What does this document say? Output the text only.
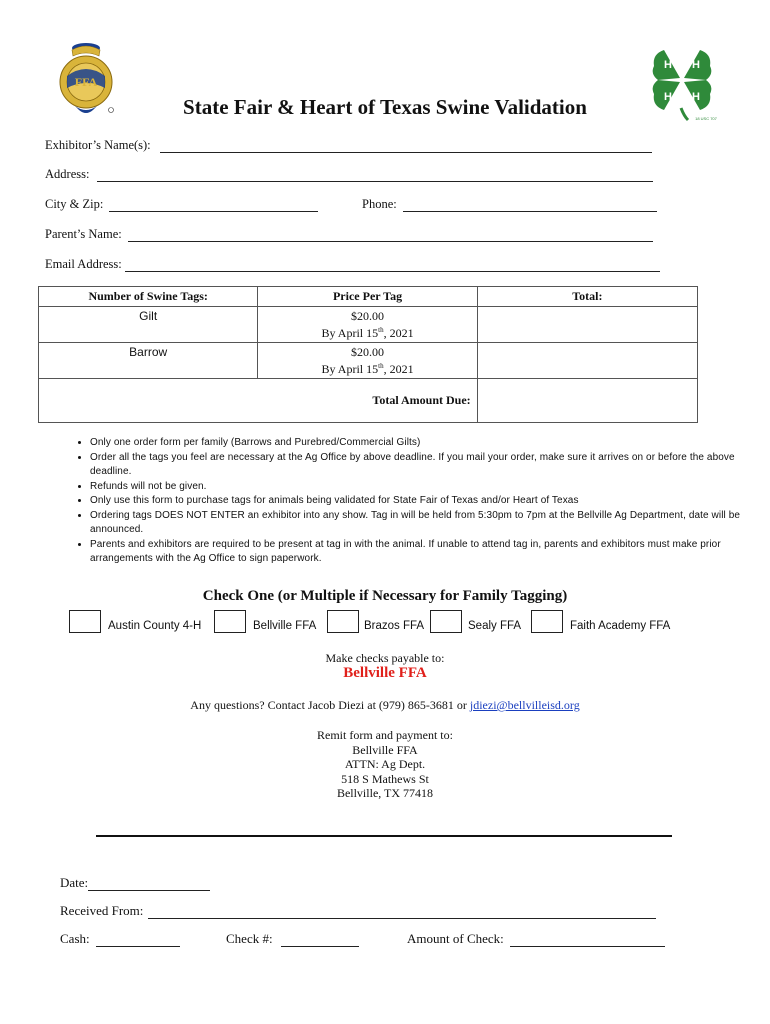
FFA
H H
H H
18 USC 707
State Fair & Heart of Texas Swine Validation
Exhibitor’s Name(s):
Address:
City & Zip:	Phone:
Parent’s Name:
Email Address:
Number of Swine Tags:	Price Per Tag	Total:
Gilt	$20.00
By April 15th, 2021	

Barrow	$20.00
By April 15th, 2021	

Total Amount Due:		
• Only one order form per family (Barrows and Purebred/Commercial Gilts)
• Order all the tags you feel are necessary at the Ag Office by above deadline. If you mail your order, make sure it arrives on or before the above deadline.
• Refunds will not be given.
• Only use this form to purchase tags for animals being validated for State Fair of Texas and/or Heart of Texas
• Ordering tags DOES NOT ENTER an exhibitor into any show. Tag in will be held from 5:30pm to 7pm at the Bellville Ag Department, date will be announced.
• Parents and exhibitors are required to be present at tag in with the animal. If unable to attend tag in, parents and exhibitors must make prior arrangements with the Ag Office to sign paperwork.
Check One (or Multiple if Necessary for Family Tagging)
Austin County 4-H	Bellville FFA	Brazos FFA	Sealy FFA	Faith Academy FFA
Make checks payable to:
Bellville FFA
Any questions? Contact Jacob Diezi at (979) 865-3681 or jdiezi@bellvilleisd.org
Remit form and payment to:
Bellville FFA
ATTN: Ag Dept.
518 S Mathews St
Bellville, TX 77418
Date:
Received From:
Cash:	Check #:	Amount of Check:
